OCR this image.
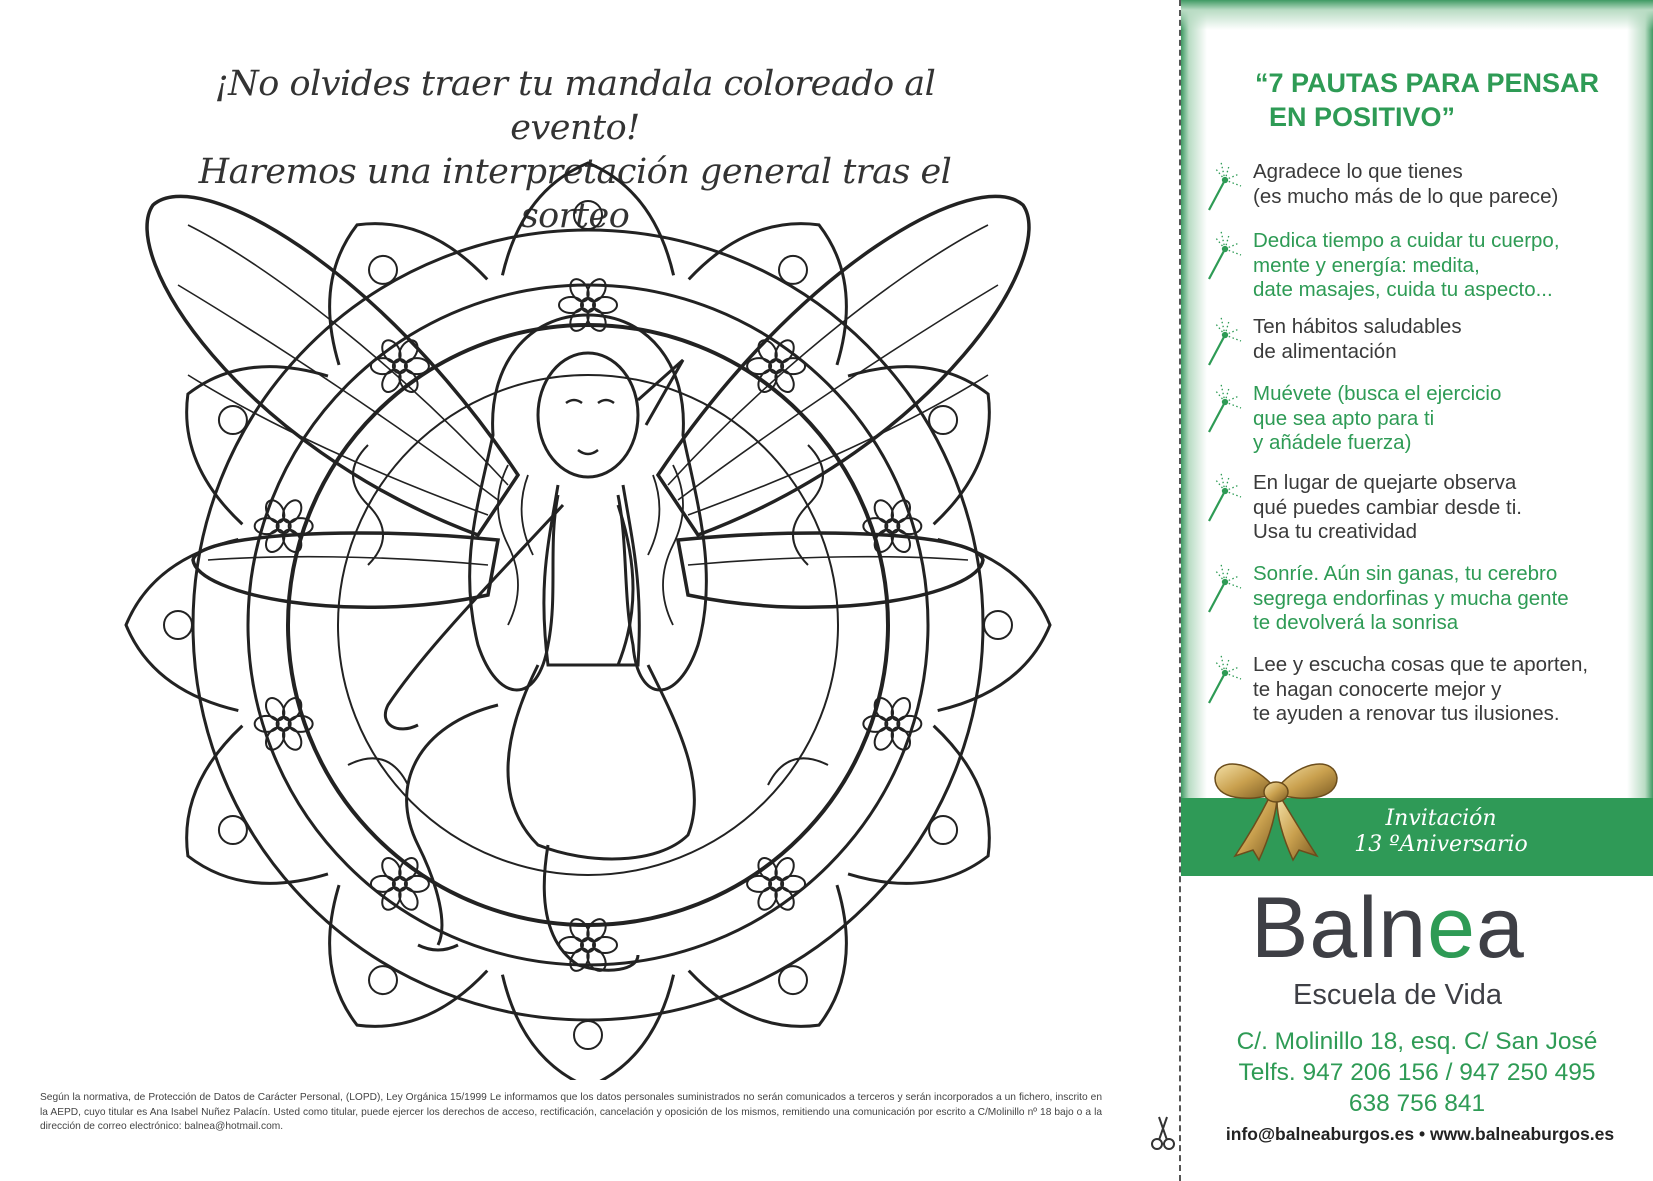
¡No olvides traer tu mandala coloreado al evento!
Haremos una interpretación general tras el sorteo
Según la normativa, de Protección de Datos de Carácter Personal, (LOPD), Ley Orgánica 15/1999 Le informamos que los datos personales suministrados no serán comunicados a terceros y serán incorporados a un fichero, inscrito en la AEPD, cuyo titular es Ana Isabel Nuñez Palacín. Usted como titular, puede ejercer los derechos de acceso, rectificación, cancelación y oposición de los mismos, remitiendo una comunicación por escrito a C/Molinillo nº 18 bajo o a la dirección de correo electrónico: balnea@hotmail.com.
“7 PAUTAS PARA PENSAR
EN POSITIVO”
Invitación
13 ºAniversario
Balnea
Escuela de Vida
C/. Molinillo 18, esq. C/ San José
Telfs. 947 206 156 / 947 250 495
638 756 841
info@balneaburgos.es • www.balneaburgos.es
Agradece lo que tienes
(es mucho más de lo que parece)
Dedica tiempo a cuidar tu cuerpo,
mente y energía: medita,
date masajes, cuida tu aspecto...
Ten hábitos saludables
de alimentación
Muévete (busca el ejercicio
que sea apto para ti
y añádele fuerza)
En lugar de quejarte observa
qué puedes cambiar desde ti.
Usa tu creatividad
Sonríe. Aún sin ganas, tu cerebro
segrega endorfinas y mucha gente
te devolverá la sonrisa
Lee y escucha cosas que te aporten,
te hagan conocerte mejor y
te ayuden a renovar tus ilusiones.
